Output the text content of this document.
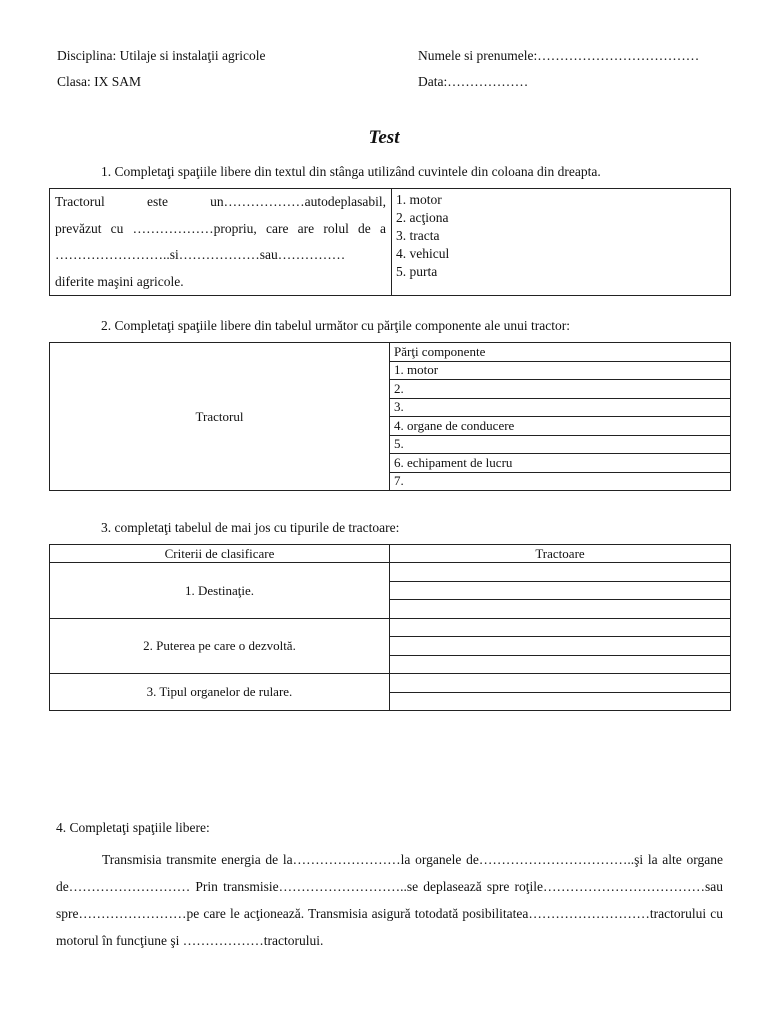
Disciplina: Utilaje si instalaţii agricole
Clasa: IX SAM
Numele si prenumele:………………………………
Data:………………
Test
1. Completaţi spaţiile libere din textul din stânga utilizând cuvintele din coloana din dreapta.
Tractorul este un………………autodeplasabil,
prevăzut cu ………………propriu, care are rolul de a
……………………..si………………sau……………
diferite maşini agricole.

1. motor
2. acţiona
3. tracta
4. vehicul
5. purta
2. Completaţi spaţiile libere din tabelul următor cu părţile componente ale unui tractor:
Tractorul	Părţi componente
1. motor
2.
3.
4. organe de conducere
5.
6. echipament de lucru
7.
3. completaţi tabelul de mai jos cu tipurile de tractoare:
Criterii de clasificare	Tractoare
1. Destinaţie.	

2. Puterea pe care o dezvoltă.	

3. Tipul organelor de rulare.	

4. Completaţi spaţiile libere:
Transmisia transmite energia de la……………………la organele de……………………………..şi la alte organe de……………………… Prin transmisie………………………..se deplasează spre roţile………………………………sau spre……………………pe care le acţionează. Transmisia asigură totodată posibilitatea………………………tractorului cu motorul în funcţiune şi ………………tractorului.
